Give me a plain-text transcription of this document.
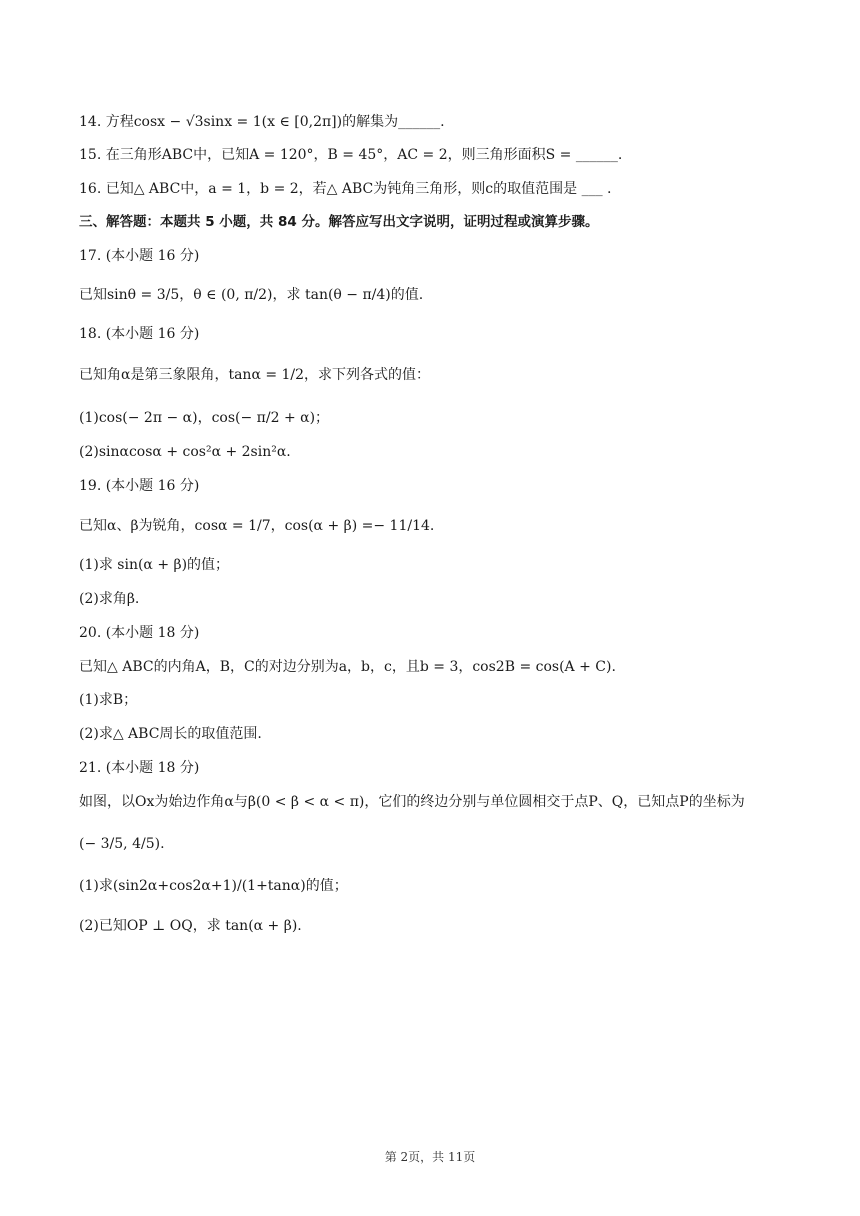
14. 方程cosx − √3sinx = 1(x ∈ [0,2π])的解集为______.
15. 在三角形ABC中，已知A = 120°，B = 45°，AC = 2，则三角形面积S = ______.
16. 已知△ ABC中，a = 1，b = 2，若△ ABC为钝角三角形，则c的取值范围是 ___ .
三、解答题：本题共 5 小题，共 84 分。解答应写出文字说明，证明过程或演算步骤。
17. (本小题 16 分)
已知sinθ = 3/5，θ ∈ (0, π/2)，求 tan(θ − π/4)的值.
18. (本小题 16 分)
已知角α是第三象限角，tanα = 1/2，求下列各式的值：
(1)cos(− 2π − α)，cos(− π/2 + α)；
(2)sinαcosα + cos²α + 2sin²α.
19. (本小题 16 分)
已知α、β为锐角，cosα = 1/7，cos(α + β) =− 11/14.
(1)求 sin(α + β)的值；
(2)求角β.
20. (本小题 18 分)
已知△ ABC的内角A，B，C的对边分别为a，b，c，且b = 3，cos2B = cos(A + C).
(1)求B；
(2)求△ ABC周长的取值范围.
21. (本小题 18 分)
如图，以Ox为始边作角α与β(0 < β < α < π)，它们的终边分别与单位圆相交于点P、Q，已知点P的坐标为
(− 3/5, 4/5).
(1)求(sin2α+cos2α+1)/(1+tanα)的值；
(2)已知OP ⊥ OQ，求 tan(α + β).
第 2页，共 11页
